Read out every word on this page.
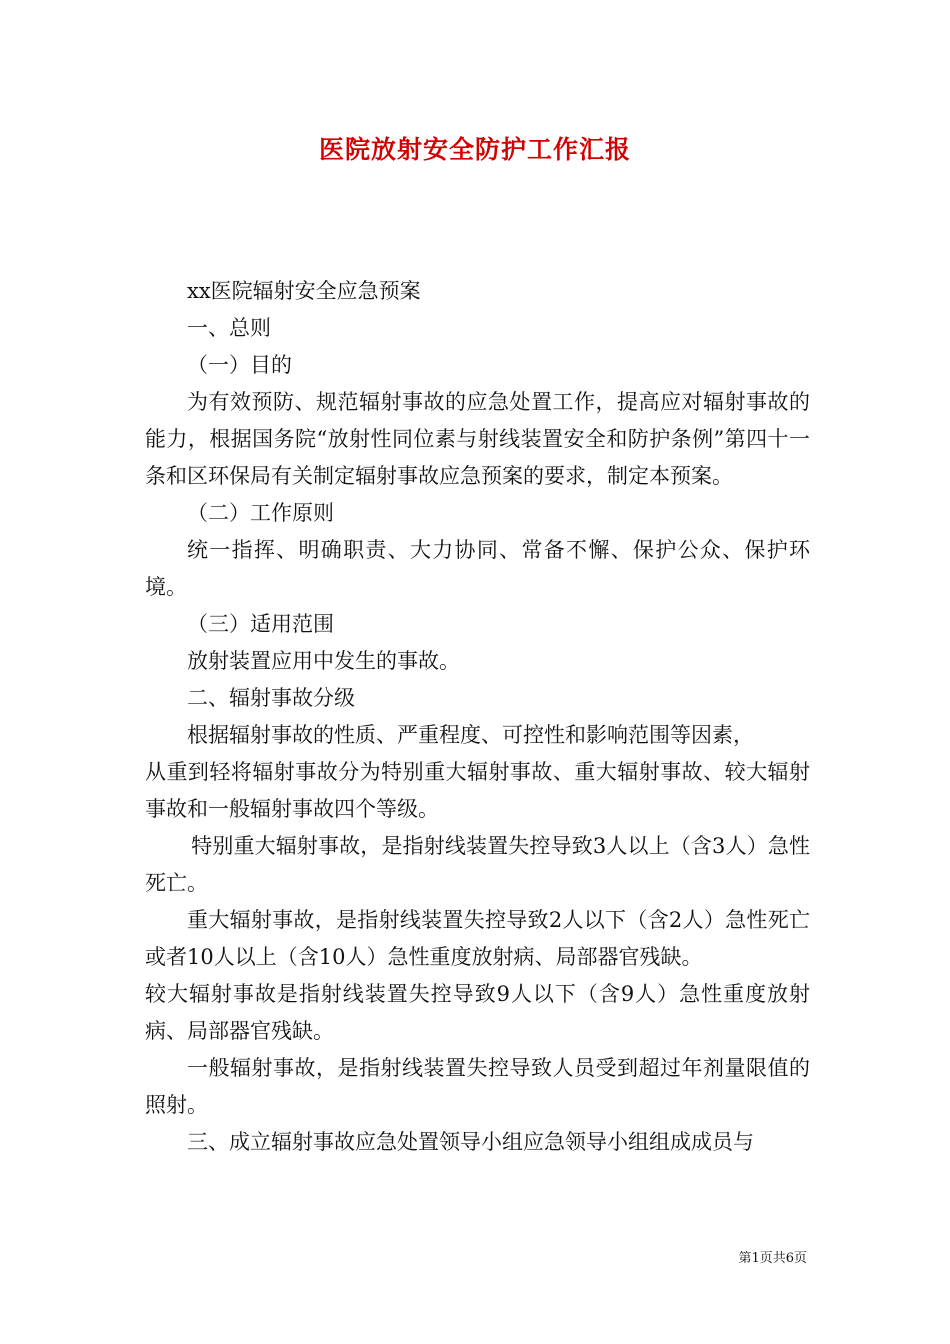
医院放射安全防护工作汇报

xx医院辐射安全应急预案

一、总则

（一）目的

为有效预防、规范辐射事故的应急处置工作，提高应对辐射事故的能力，根据国务院“放射性同位素与射线装置安全和防护条例”第四十一条和区环保局有关制定辐射事故应急预案的要求，制定本预案。

（二）工作原则

统一指挥、明确职责、大力协同、常备不懈、保护公众、保护环境。

（三）适用范围

放射装置应用中发生的事故。

二、辐射事故分级

根据辐射事故的性质、严重程度、可控性和影响范围等因素，

从重到轻将辐射事故分为特别重大辐射事故、重大辐射事故、较大辐射事故和一般辐射事故四个等级。

特别重大辐射事故，是指射线装置失控导致3人以上（含3人）急性死亡。

重大辐射事故，是指射线装置失控导致2人以下（含2人）急性死亡或者10人以上（含10人）急性重度放射病、局部器官残缺。

较大辐射事故是指射线装置失控导致9人以下（含9人）急性重度放射病、局部器官残缺。

一般辐射事故，是指射线装置失控导致人员受到超过年剂量限值的照射。

三、成立辐射事故应急处置领导小组应急领导小组组成成员与

第1页共6页
